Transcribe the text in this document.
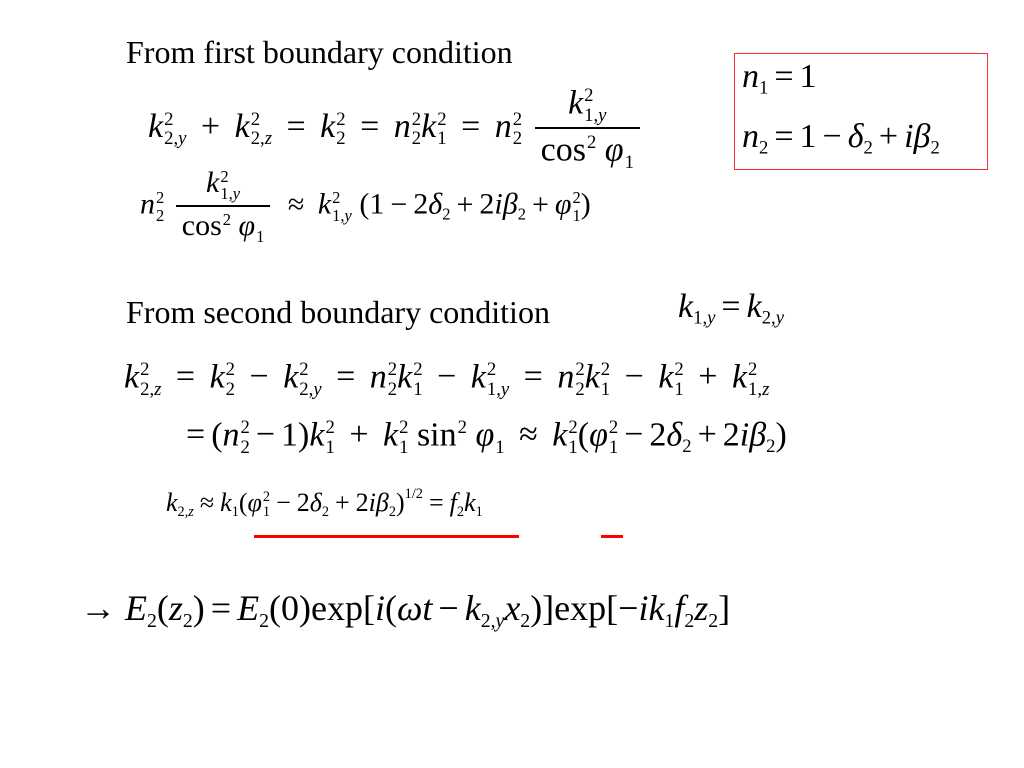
From first boundary condition
k 2
2,y + k 2
2,z = k 2
2 = n 2
2 k 2
1 = n 2
2
k 2
1,y
cos 2
φ
1
$n_1 = 1$
$n_2 = 1 - \delta_2 + i\beta_2$
n 2
2
k 2
1,y
cos 2
φ
1 ≈ k 2
1,y ($1 - 2\delta_2 + 2i\beta_2 + \varphi$ 2
1 )
From second boundary condition	$k_{1,y} = k_{2,y}$
k 2
2,z = k 2
2 − k 2
2,y = n 2
2 k 2
1 − k 2
1,y = n 2
2 k 2
1 − k 2
1 + k 2
1,z
= (n 2
2 − 1)k 2
1 + k 2
1 sin 2
φ
1 ≈ k 2
1 (φ 2
$1 - 2\delta_2 + 2i\beta_2$)
$k_{2,z} \approx k_1(\varphi$ 2
$1 - 2\delta_2 + 2i\beta_2)^{1/2} = f_2k_1$
→ $E_2(z_2) = E_2(0)\exp[i(\omega t - k_{2,y}x_2)]\exp[-ik_1f_2z_2]$
